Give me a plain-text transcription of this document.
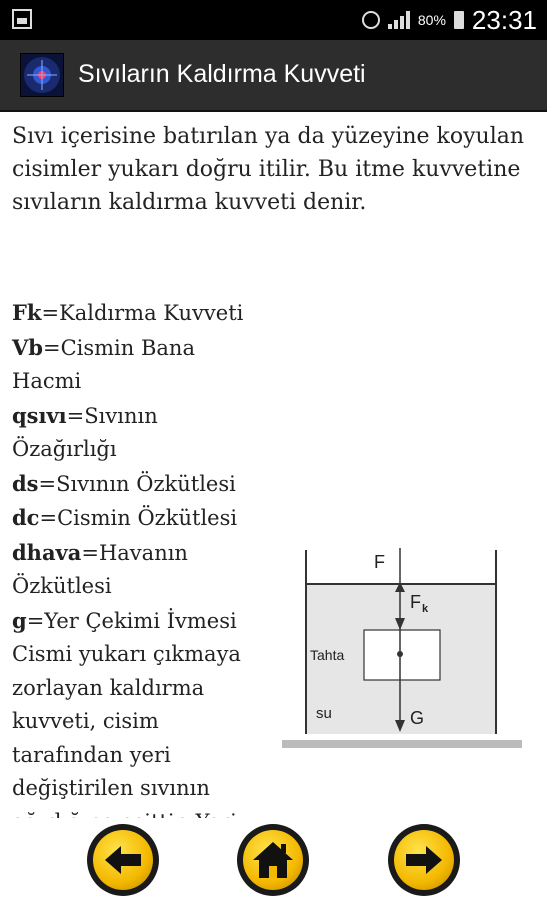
80% 23:31
Sıvıların Kaldırma Kuvveti

Sıvı içerisine batırılan ya da yüzeyine koyulan cisimler yukarı doğru itilir. Bu itme kuvvetine sıvıların kaldırma kuvveti denir.

Fk=Kaldırma Kuvveti
Vb=Cismin Bana Hacmi
qsıvı=Sıvının Özağırlığı
ds=Sıvının Özkütlesi
dc=Cismin Özkütlesi
dhava=Havanın Özkütlesi
g=Yer Çekimi İvmesi
Cismi yukarı çıkmaya zorlayan kaldırma kuvveti, cisim tarafından yeri değiştirilen sıvının
F
F k
Tahta
su	G
